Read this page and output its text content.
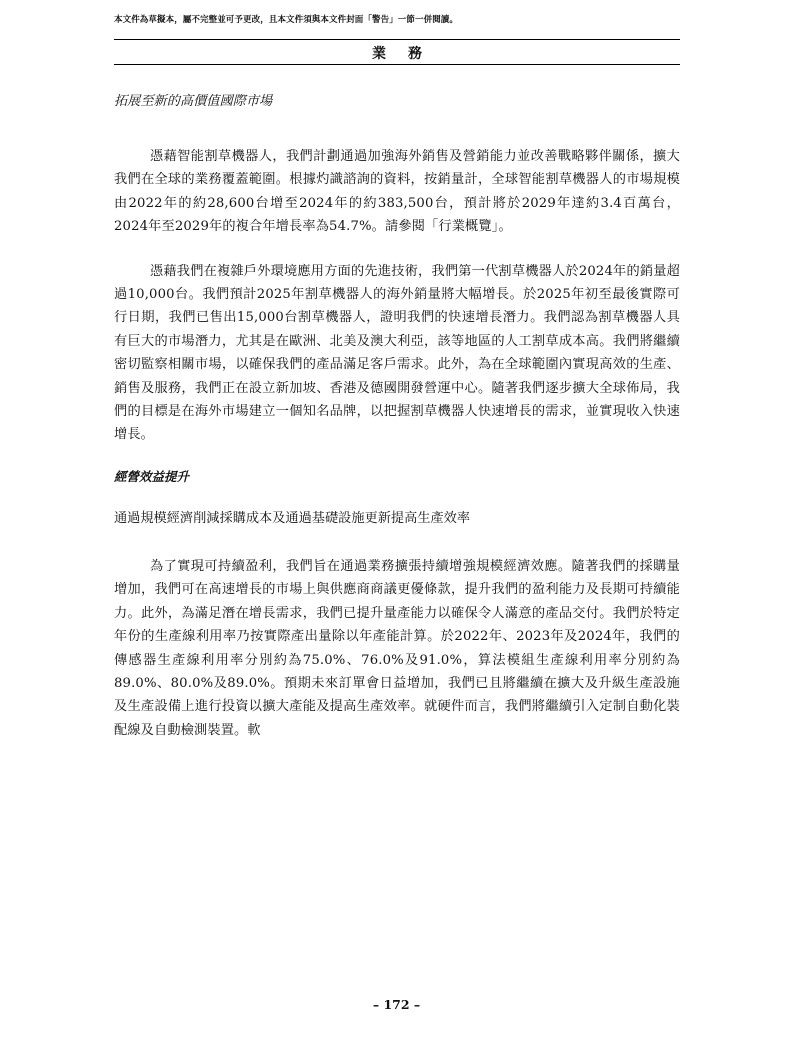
本文件為草擬本，屬不完整並可予更改，且本文件須與本文件封面「警告」一節一併閱讀。
業務

拓展至新的高價值國際市場

憑藉智能割草機器人，我們計劃通過加強海外銷售及營銷能力並改善戰略夥伴關係，擴大我們在全球的業務覆蓋範圍。根據灼識諮詢的資料，按銷量計，全球智能割草機器人的市場規模由2022年的約28,600台增至2024年的約383,500台，預計將於2029年達約3.4百萬台，2024年至2029年的複合年增長率為54.7%。請參閱「行業概覽」。

憑藉我們在複雜戶外環境應用方面的先進技術，我們第一代割草機器人於2024年的銷量超過10,000台。我們預計2025年割草機器人的海外銷量將大幅增長。於2025年初至最後實際可行日期，我們已售出15,000台割草機器人，證明我們的快速增長潛力。我們認為割草機器人具有巨大的市場潛力，尤其是在歐洲、北美及澳大利亞，該等地區的人工割草成本高。我們將繼續密切監察相關市場，以確保我們的產品滿足客戶需求。此外，為在全球範圍內實現高效的生產、銷售及服務，我們正在設立新加坡、香港及德國開發營運中心。隨著我們逐步擴大全球佈局，我們的目標是在海外市場建立一個知名品牌，以把握割草機器人快速增長的需求，並實現收入快速增長。

經營效益提升

通過規模經濟削減採購成本及通過基礎設施更新提高生產效率

為了實現可持續盈利，我們旨在通過業務擴張持續增強規模經濟效應。隨著我們的採購量增加，我們可在高速增長的市場上與供應商商議更優條款，提升我們的盈利能力及長期可持續能力。此外，為滿足潛在增長需求，我們已提升量產能力以確保令人滿意的產品交付。我們於特定年份的生產線利用率乃按實際產出量除以年產能計算。於2022年、2023年及2024年，我們的傳感器生產線利用率分別約為75.0%、76.0%及91.0%，算法模組生產線利用率分別約為89.0%、80.0%及89.0%。預期未來訂單會日益增加，我們已且將繼續在擴大及升級生產設施及生產設備上進行投資以擴大產能及提高生產效率。就硬件而言，我們將繼續引入定制自動化裝配線及自動檢測裝置。軟

– 172 –
